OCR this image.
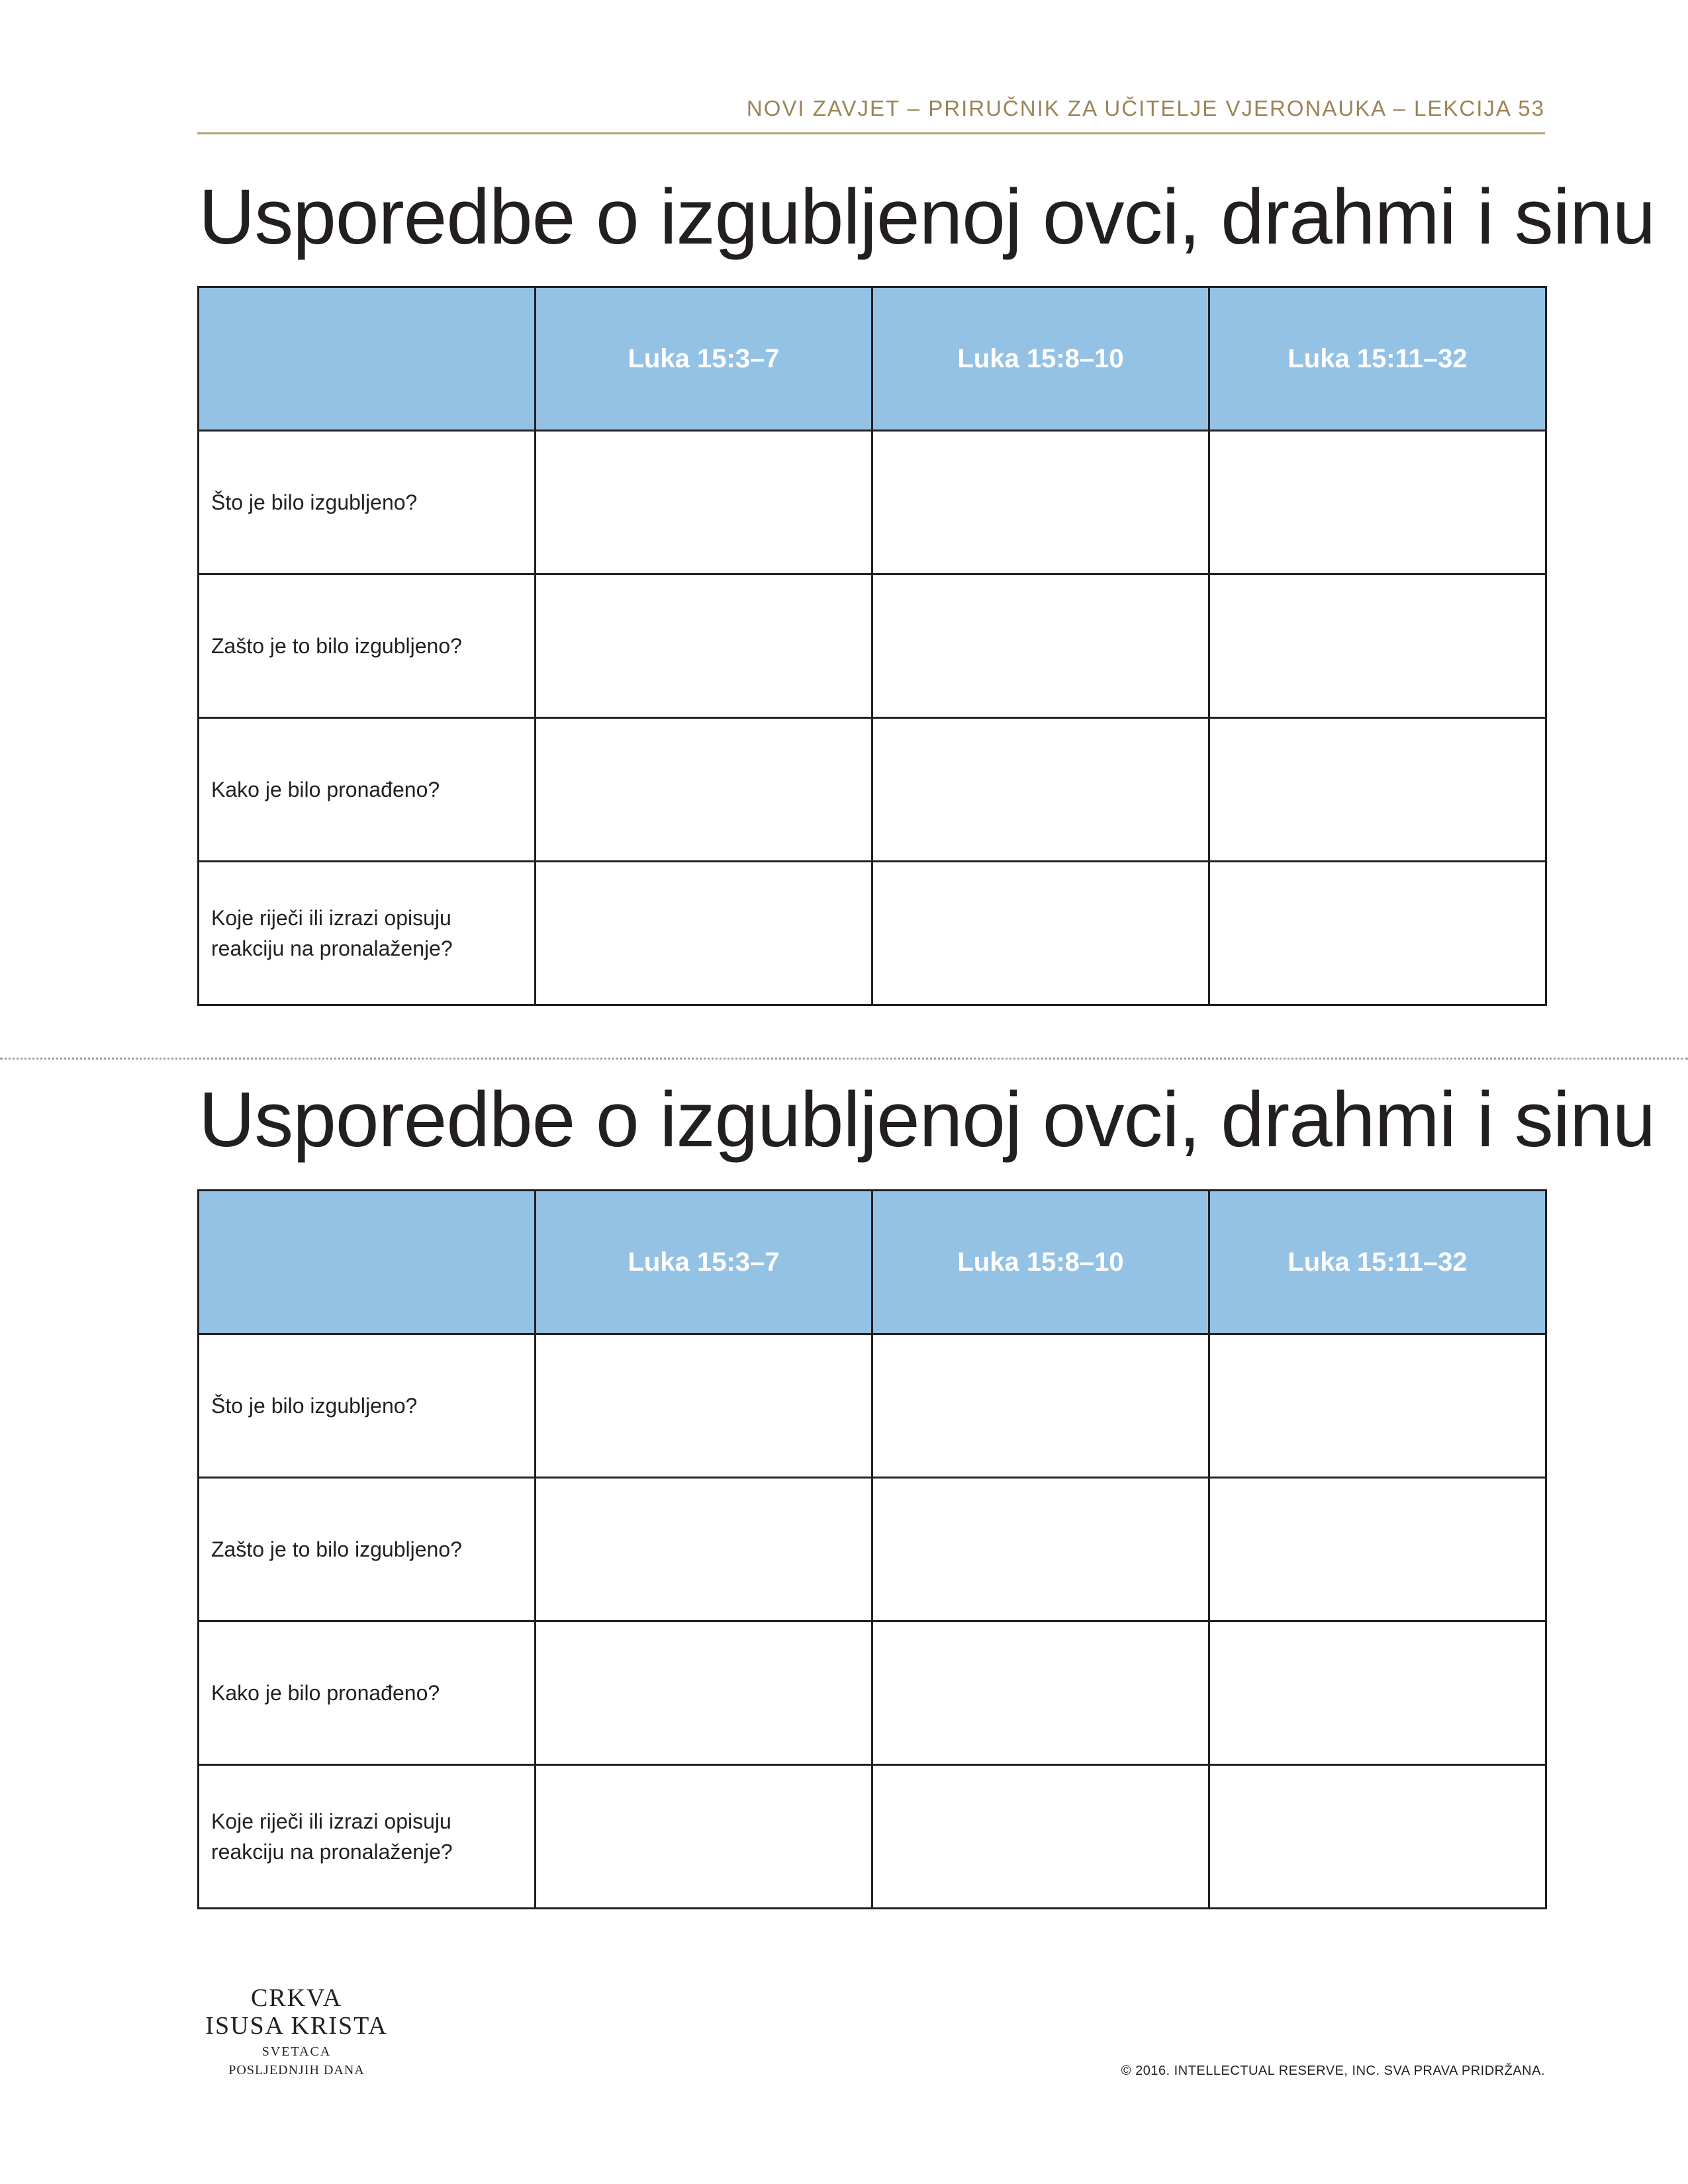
NOVI ZAVJET – PRIRUČNIK ZA UČITELJE VJERONAUKA – LEKCIJA 53
Usporedbe o izgubljenoj ovci, drahmi i sinu
	Luka 15:3–7	Luka 15:8–10	Luka 15:11–32
Što je bilo izgubljeno?			
Zašto je to bilo izgubljeno?			
Kako je bilo pronađeno?			
Koje riječi ili izrazi opisuju reakciju na pronalaženje?			
Usporedbe o izgubljenoj ovci, drahmi i sinu
	Luka 15:3–7	Luka 15:8–10	Luka 15:11–32
Što je bilo izgubljeno?			
Zašto je to bilo izgubljeno?			
Kako je bilo pronađeno?			
Koje riječi ili izrazi opisuju reakciju na pronalaženje?			
CRKVA
ISUSA KRISTA
SVETACA
POSLJEDNJIH DANA	© 2016. INTELLECTUAL RESERVE, INC. SVA PRAVA PRIDRŽANA.
